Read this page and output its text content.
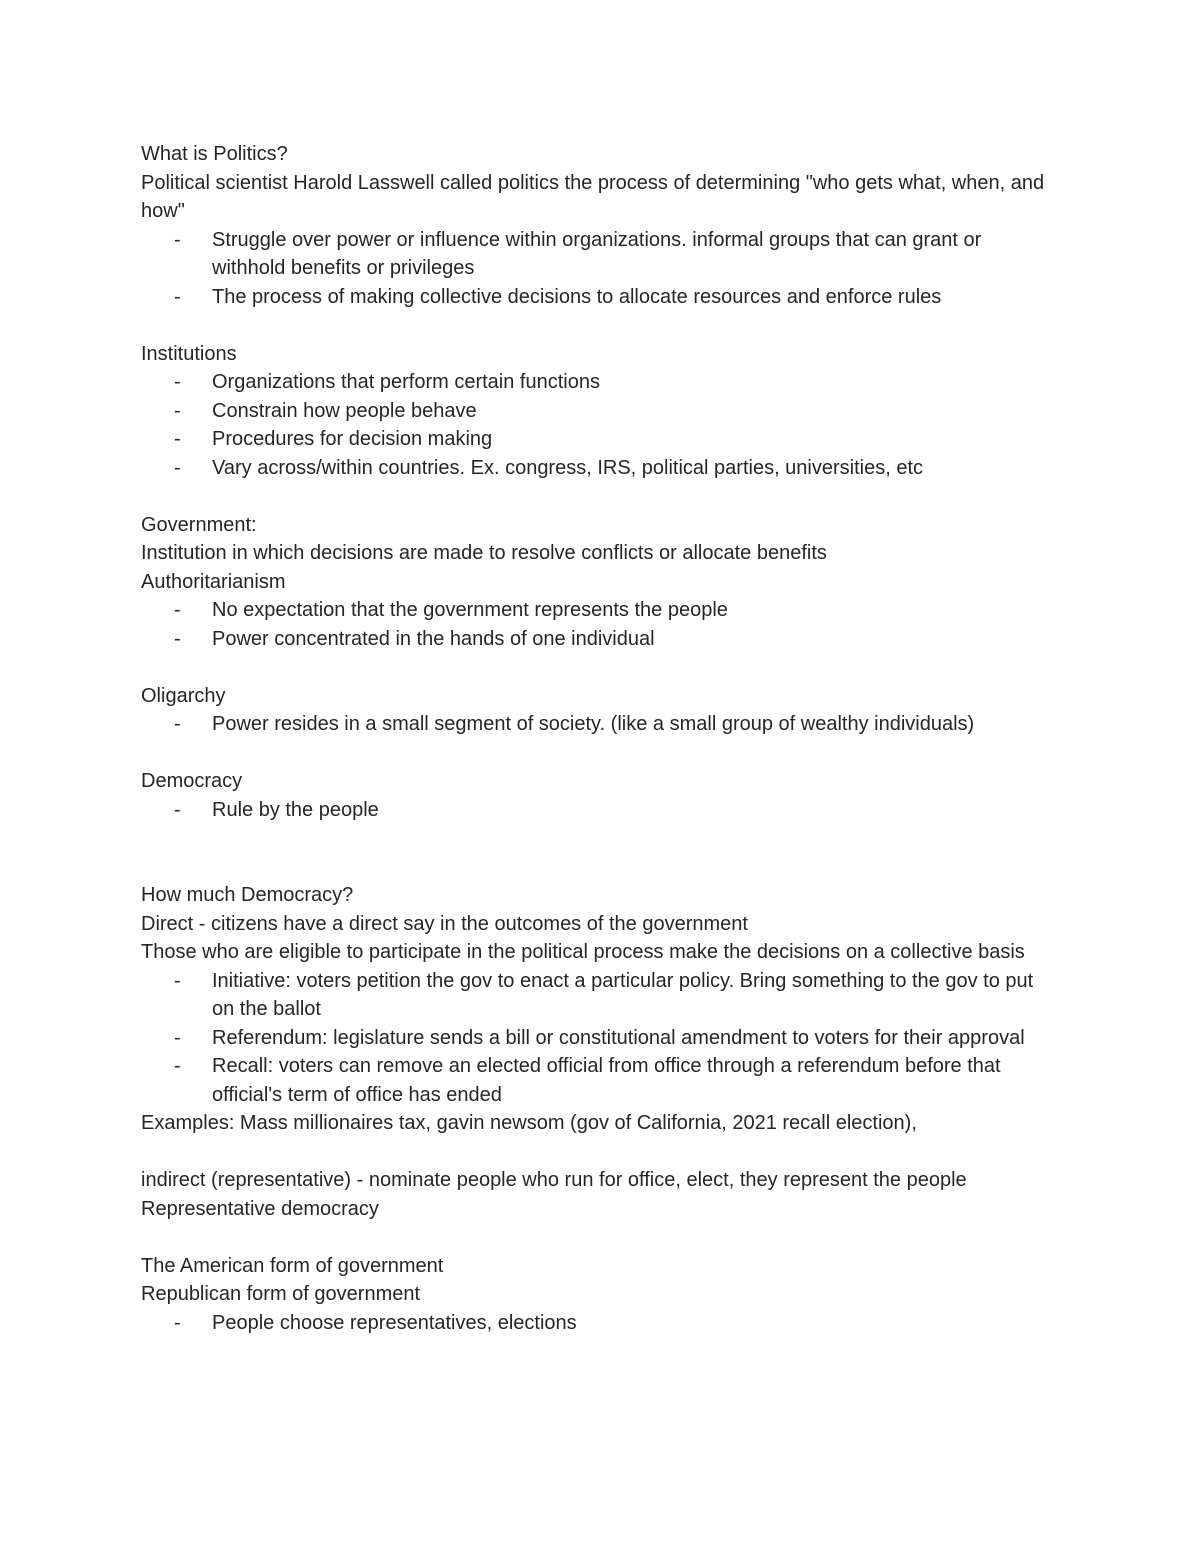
What is Politics?

Political scientist Harold Lasswell called politics the process of determining "who gets what, when, and how"

-	Struggle over power or influence within organizations. informal groups that can grant or withhold benefits or privileges
-	The process of making collective decisions to allocate resources and enforce rules

Institutions

-	Organizations that perform certain functions
-	Constrain how people behave
-	Procedures for decision making
-	Vary across/within countries. Ex. congress, IRS, political parties, universities, etc

Government:

Institution in which decisions are made to resolve conflicts or allocate benefits

Authoritarianism

-	No expectation that the government represents the people
-	Power concentrated in the hands of one individual

Oligarchy

-	Power resides in a small segment of society. (like a small group of wealthy individuals)

Democracy

-	Rule by the people

How much Democracy?

Direct - citizens have a direct say in the outcomes of the government

Those who are eligible to participate in the political process make the decisions on a collective basis

-	Initiative: voters petition the gov to enact a particular policy. Bring something to the gov to put on the ballot
-	Referendum: legislature sends a bill or constitutional amendment to voters for their approval
-	Recall: voters can remove an elected official from office through a referendum before that official's term of office has ended

Examples: Mass millionaires tax, gavin newsom (gov of California, 2021 recall election),

indirect (representative) - nominate people who run for office, elect, they represent the people

Representative democracy

The American form of government

Republican form of government

-	People choose representatives, elections
